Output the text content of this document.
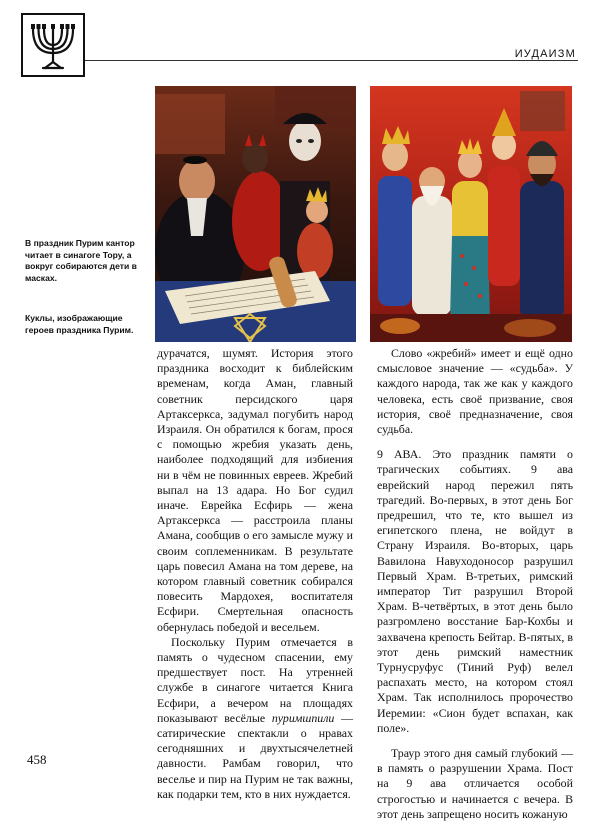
ИУДАИЗМ
В праздник Пурим кантор читает в синагоге Тору, а вокруг собираются дети в масках.
Куклы, изображающие героев праздника Пурим.

дурачатся, шумят. История этого праздника восходит к библейским временам, когда Аман, главный советник персидского царя Артаксеркса, задумал погубить народ Израиля. Он обратился к богам, прося с помощью жребия указать день, наиболее подходящий для избиения ни в чём не повинных евреев. Жребий выпал на 13 адара. Но Бог судил иначе. Еврейка Есфирь — жена Артаксеркса — расстроила планы Амана, сообщив о его замысле мужу и своим соплеменникам. В результате царь повесил Амана на том дереве, на котором главный советник собирался повесить Мардохея, воспитателя Есфири. Смертельная опасность обернулась победой и весельем.

Поскольку Пурим отмечается в память о чудесном спасении, ему предшествует пост. На утренней службе в синагоге читается Книга Есфири, а вечером на площадях показывают весёлые пуримшпили — сатирические спектакли о нравах сегодняшних и двухтысячелетней давности. Рамбам говорил, что веселье и пир на Пурим не так важны, как подарки тем, кто в них нуждается.

Слово «жребий» имеет и ещё одно смысловое значение — «судьба». У каждого народа, так же как у каждого человека, есть своё призвание, своя история, своё предназначение, своя судьба.

9 АВА. Это праздник памяти о трагических событиях. 9 ава еврейский народ пережил пять трагедий. Во-первых, в этот день Бог предрешил, что те, кто вышел из египетского плена, не войдут в Страну Израиля. Во-вторых, царь Вавилона Навуходоносор разрушил Первый Храм. В-третьих, римский император Тит разрушил Второй Храм. В-четвёртых, в этот день было разгромлено восстание Бар-Кохбы и захвачена крепость Бейтар. В-пятых, в этот день римский наместник Турнусруфус (Тиний Руф) велел распахать место, на котором стоял Храм. Так исполнилось пророчество Иеремии: «Сион будет вспахан, как поле».

Траур этого дня самый глубокий — в память о разрушении Храма. Пост на 9 ава отличается особой строгостью и начинается с вечера. В этот день запрещено носить кожаную

458
